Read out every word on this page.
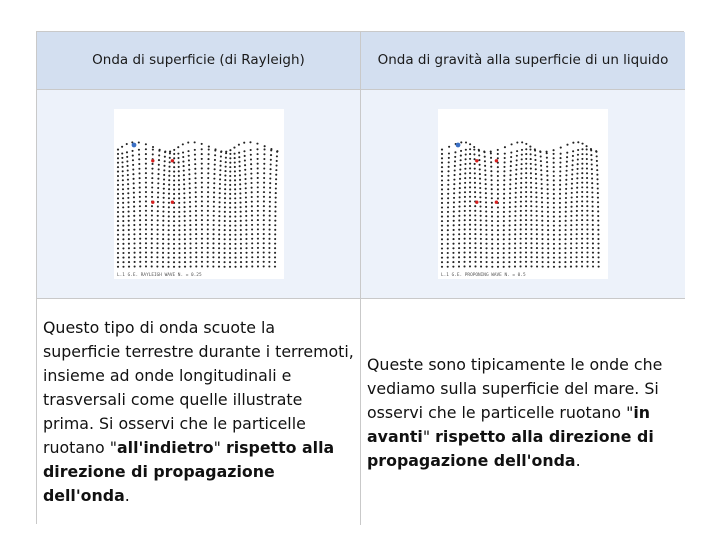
Onda di superficie (di Rayleigh)	Onda di gravità alla superficie di un liquido
L.1 G.E. RAYLEIGH WAVE N. = 0.25	L.1 G.E. PROPONING WAVE N. = 0.5

Questo tipo di onda scuote la superficie terrestre durante i terremoti, insieme ad onde longitudinali e trasversali come quelle illustrate prima. Si osservi che le particelle ruotano "all'indietro" rispetto alla direzione di propagazione dell'onda.

Queste sono tipicamente le onde che vediamo sulla superficie del mare. Si osservi che le particelle ruotano "in avanti" rispetto alla direzione di propagazione dell'onda.
